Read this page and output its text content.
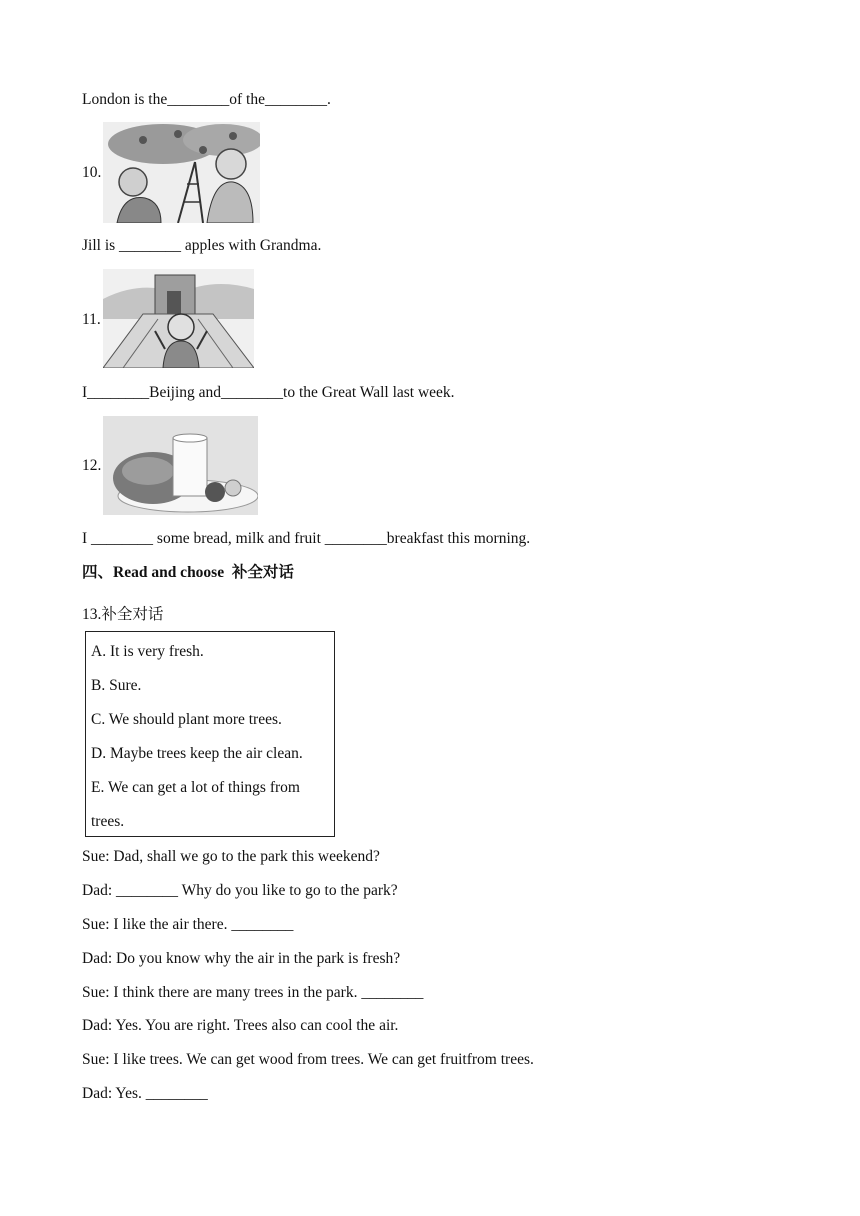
London is the________of the________.
10.
Jill is ________ apples with Grandma.
11.
I________Beijing and________to the Great Wall last week.
12.
I ________ some bread, milk and fruit ________breakfast this morning.
四、Read and choose  补全对话
13.补全对话
A. It is very fresh.
B. Sure.
C. We should plant more trees.
D. Maybe trees keep the air clean.
E. We can get a lot of things from
trees.
Sue: Dad, shall we go to the park this weekend?
Dad: ________ Why do you like to go to the park?
Sue: I like the air there. ________
Dad: Do you know why the air in the park is fresh?
Sue: I think there are many trees in the park. ________
Dad: Yes. You are right. Trees also can cool the air.
Sue: I like trees. We can get wood from trees. We can get fruitfrom trees.
Dad: Yes. ________
